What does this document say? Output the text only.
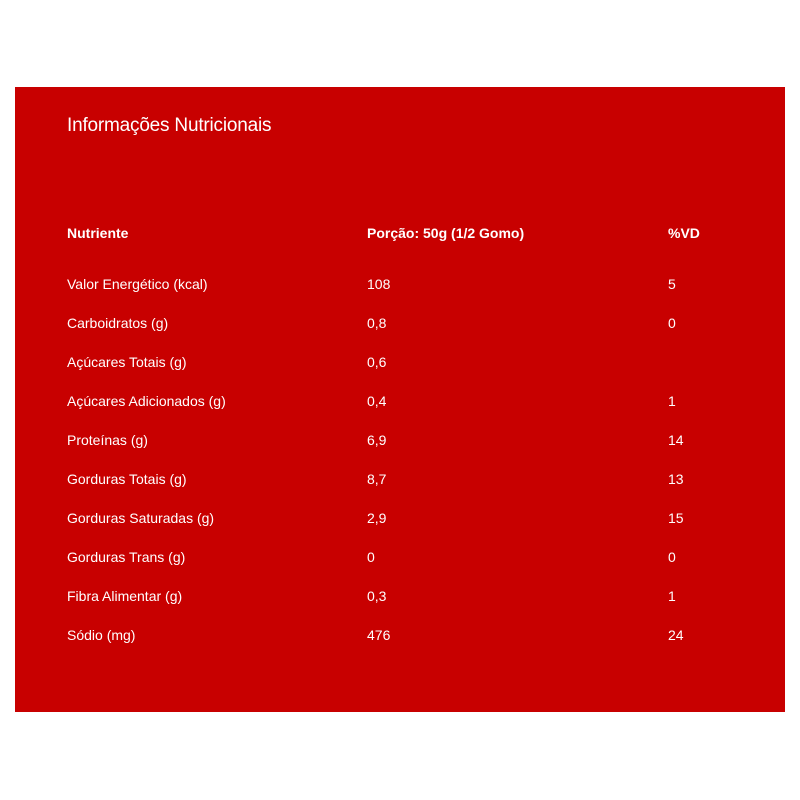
Informações Nutricionais
Nutriente	Porção: 50g (1/2 Gomo)	%VD
Valor Energético (kcal)	108	5
Carboidratos (g)	0,8	0
Açúcares Totais (g)	0,6
Açúcares Adicionados (g)	0,4	1
Proteínas (g)	6,9	14
Gorduras Totais (g)	8,7	13
Gorduras Saturadas (g)	2,9	15
Gorduras Trans (g)	0	0
Fibra Alimentar (g)	0,3	1
Sódio (mg)	476	24
